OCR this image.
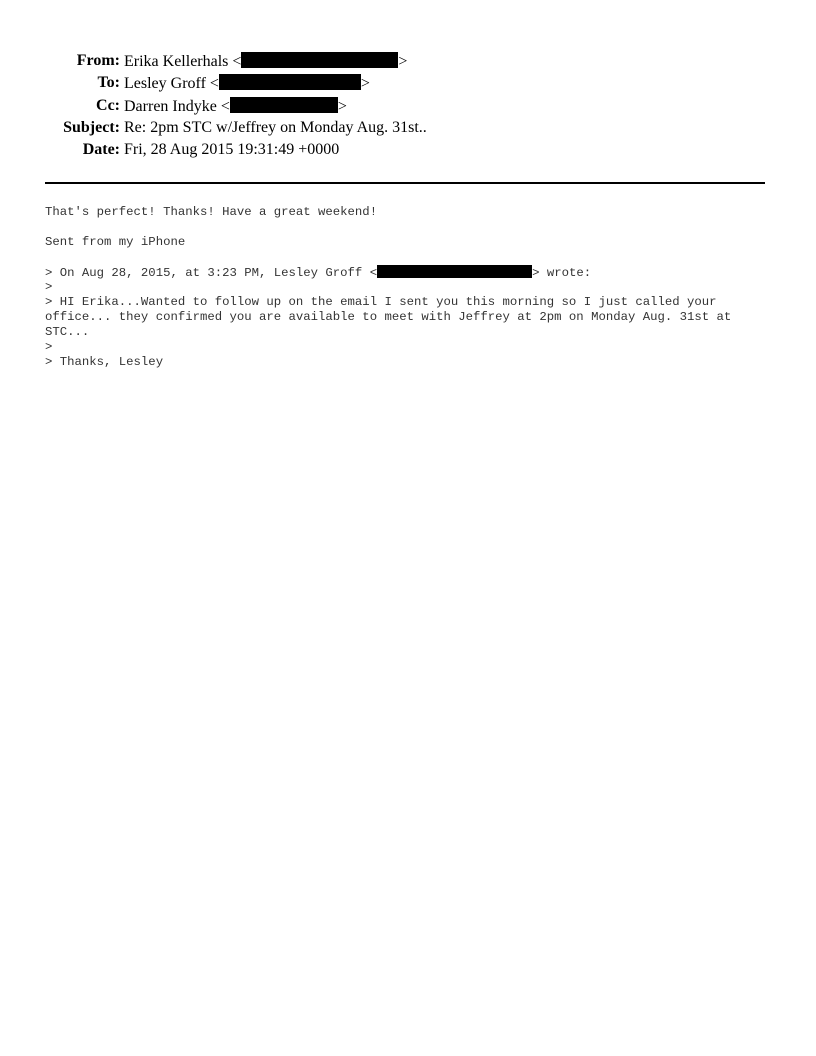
From: Erika Kellerhals <	>
To: Lesley Groff <	>
Cc: Darren Indyke <	>
Subject: Re: 2pm STC w/Jeffrey on Monday Aug. 31st..
Date: Fri, 28 Aug 2015 19:31:49 +0000
That's perfect! Thanks! Have a great weekend!
Sent from my iPhone
> On Aug 28, 2015, at 3:23 PM, Lesley Groff <	> wrote:
>
> HI Erika...Wanted to follow up on the email I sent you this morning so I just called your office... they confirmed you are available to meet with Jeffrey at 2pm on Monday Aug. 31st at STC...
>
> Thanks, Lesley
